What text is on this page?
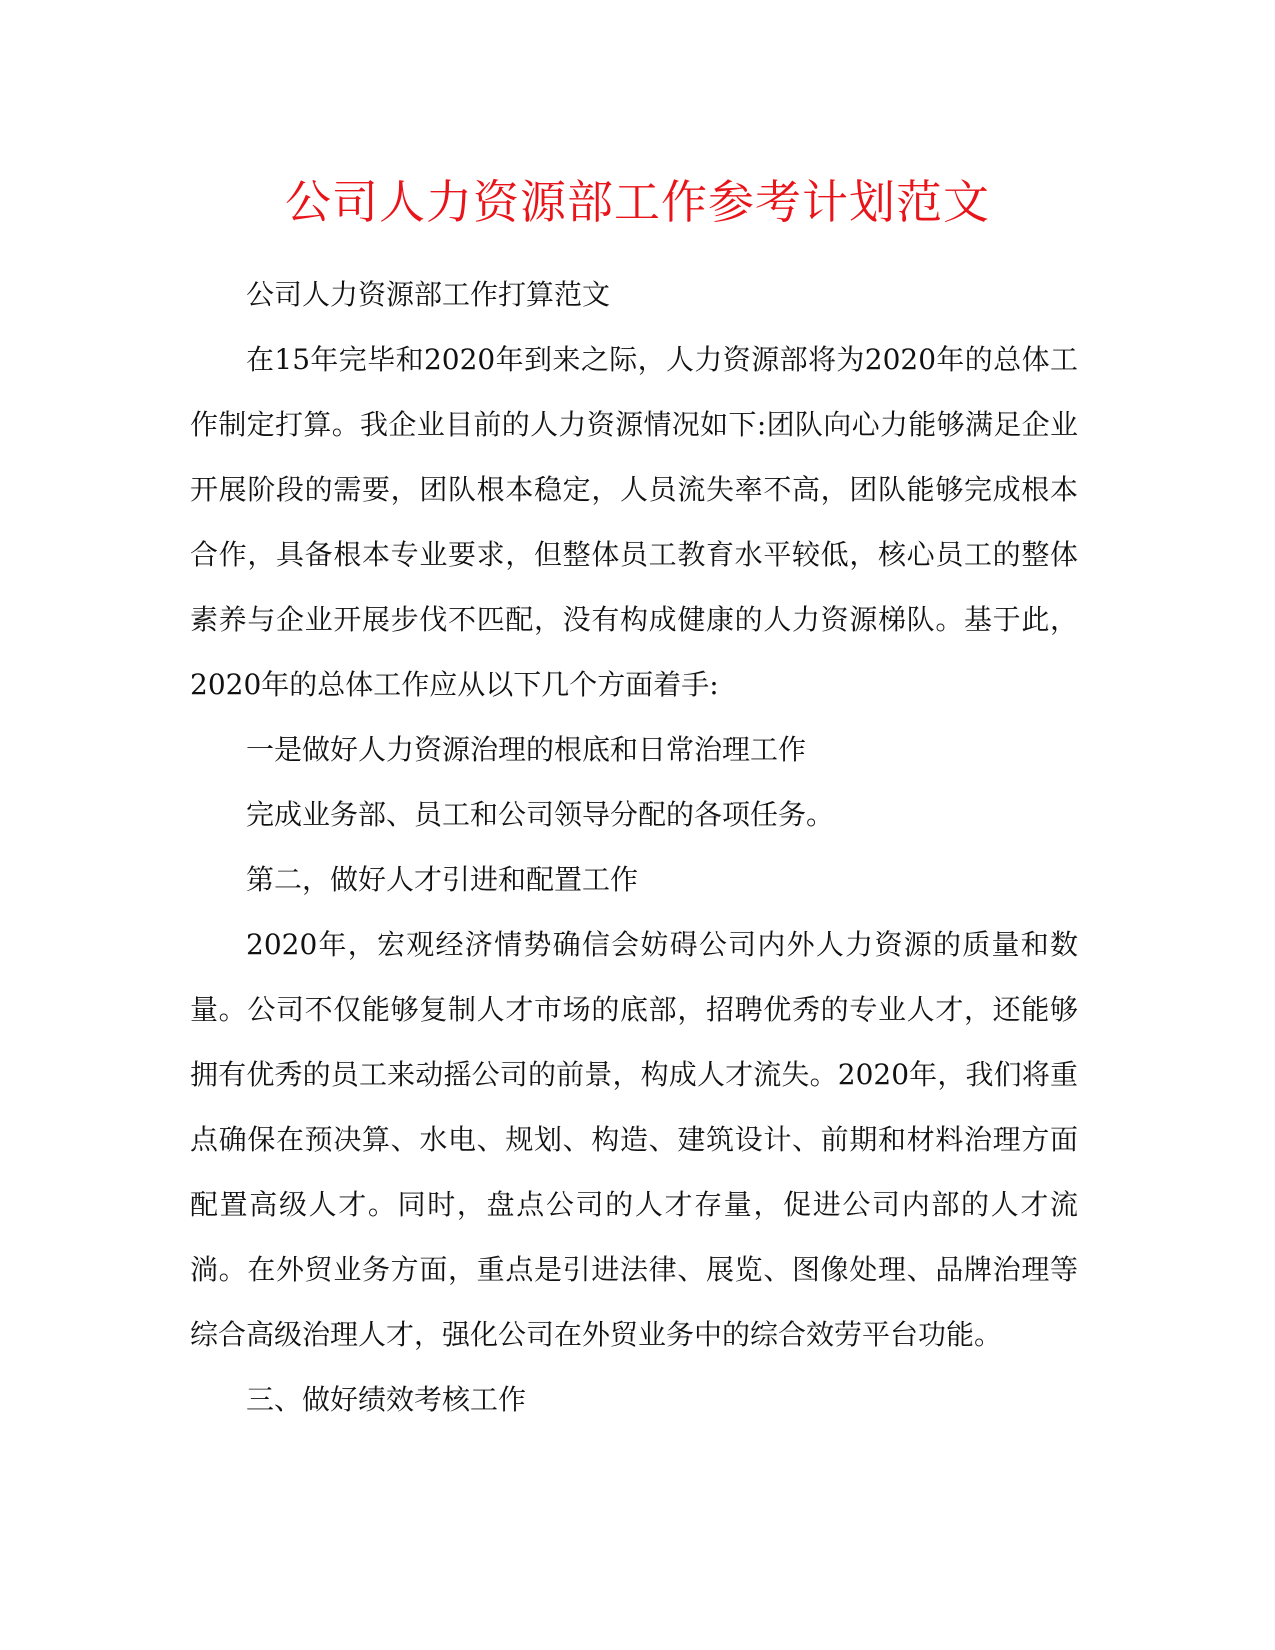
公司人力资源部工作参考计划范文

公司人力资源部工作打算范文

在15年完毕和2020年到来之际，人力资源部将为2020年的总体工作制定打算。我企业目前的人力资源情况如下:团队向心力能够满足企业开展阶段的需要，团队根本稳定，人员流失率不高，团队能够完成根本合作，具备根本专业要求，但整体员工教育水平较低，核心员工的整体素养与企业开展步伐不匹配，没有构成健康的人力资源梯队。基于此，2020年的总体工作应从以下几个方面着手:

一是做好人力资源治理的根底和日常治理工作

完成业务部、员工和公司领导分配的各项任务。

第二，做好人才引进和配置工作

2020年，宏观经济情势确信会妨碍公司内外人力资源的质量和数量。公司不仅能够复制人才市场的底部，招聘优秀的专业人才，还能够拥有优秀的员工来动摇公司的前景，构成人才流失。2020年，我们将重点确保在预决算、水电、规划、构造、建筑设计、前期和材料治理方面配置高级人才。同时，盘点公司的人才存量，促进公司内部的人才流淌。在外贸业务方面，重点是引进法律、展览、图像处理、品牌治理等综合高级治理人才，强化公司在外贸业务中的综合效劳平台功能。

三、做好绩效考核工作
